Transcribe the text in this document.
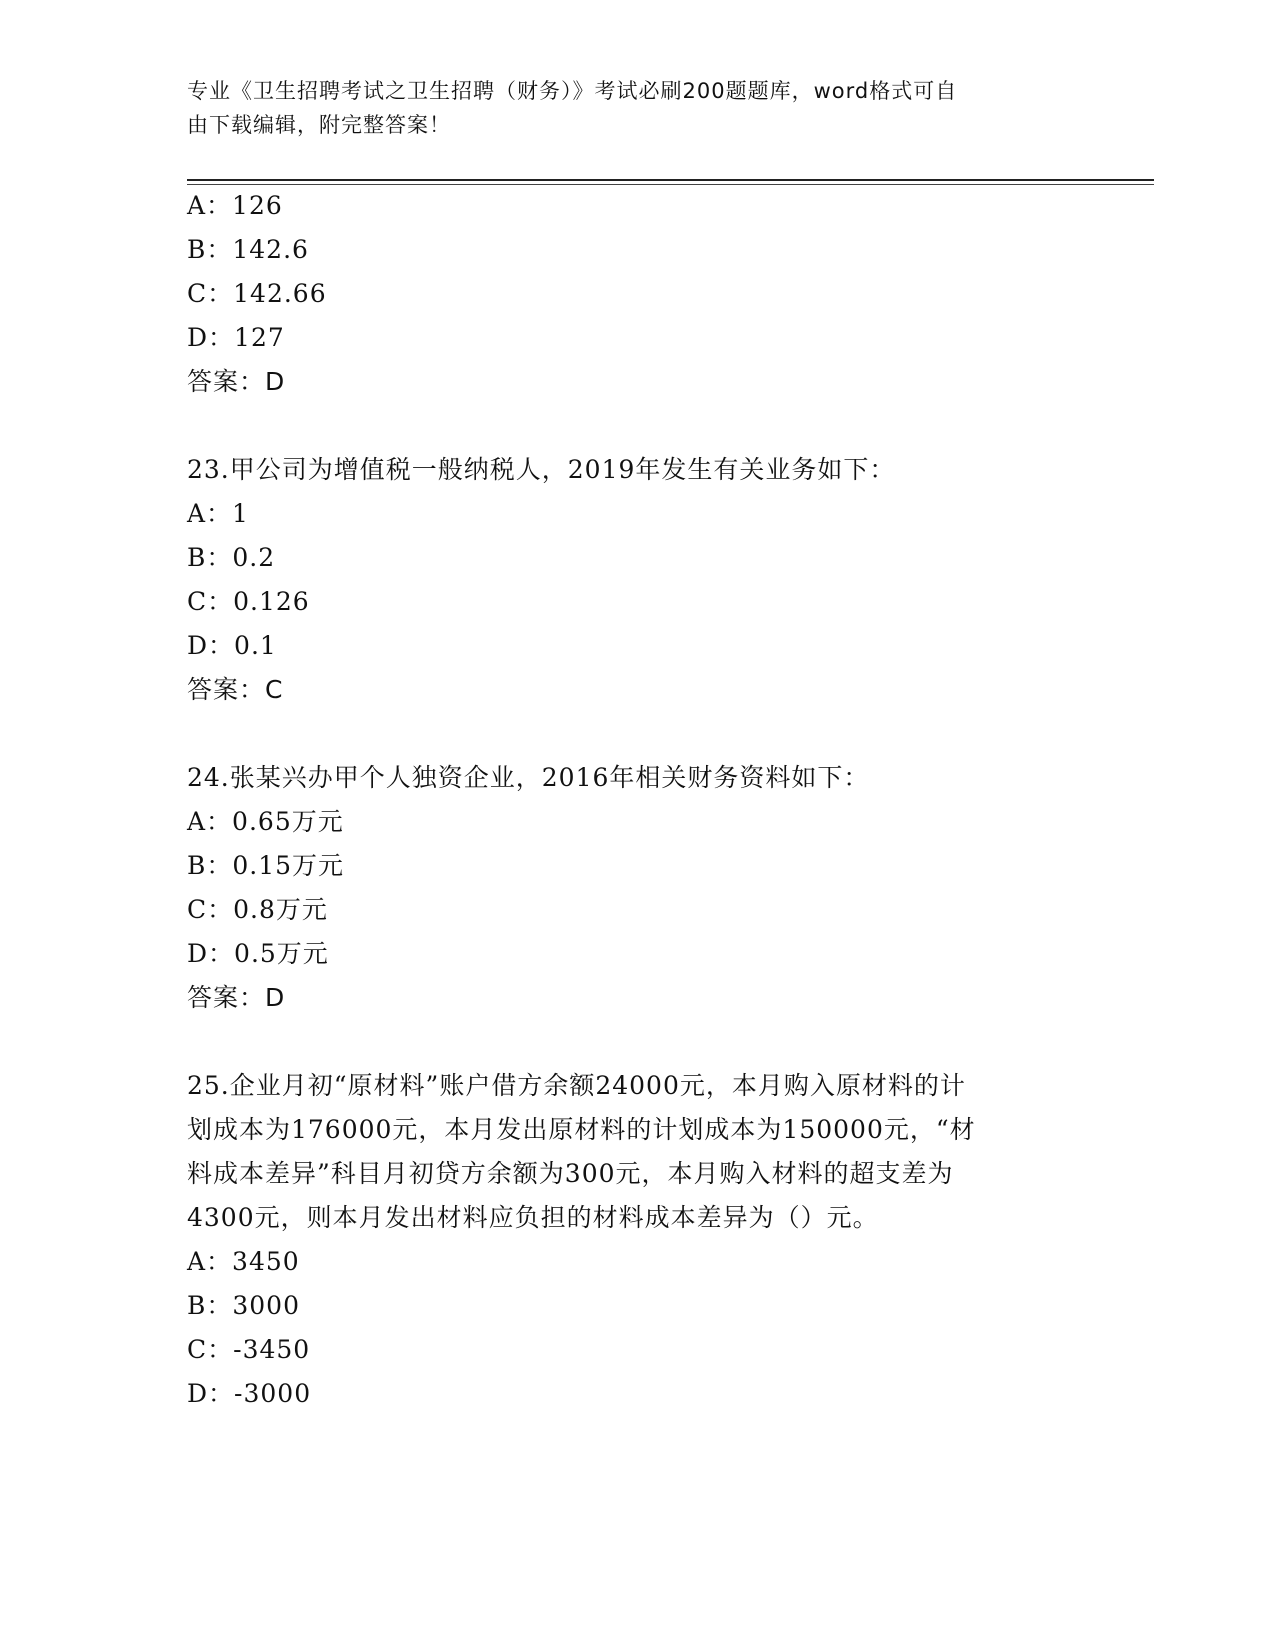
专业《卫生招聘考试之卫生招聘（财务）》考试必刷200题题库，word格式可自
由下载编辑，附完整答案！
A：126
B：142.6
C：142.66
D：127
答案：D
23.甲公司为增值税一般纳税人，2019年发生有关业务如下：
A：1
B：0.2
C：0.126
D：0.1
答案：C
24.张某兴办甲个人独资企业，2016年相关财务资料如下：
A：0.65万元
B：0.15万元
C：0.8万元
D：0.5万元
答案：D
25.企业月初“原材料”账户借方余额24000元，本月购入原材料的计
划成本为176000元，本月发出原材料的计划成本为150000元，“材
料成本差异”科目月初贷方余额为300元，本月购入材料的超支差为
4300元，则本月发出材料应负担的材料成本差异为（）元。
A：3450
B：3000
C：-3450
D：-3000
